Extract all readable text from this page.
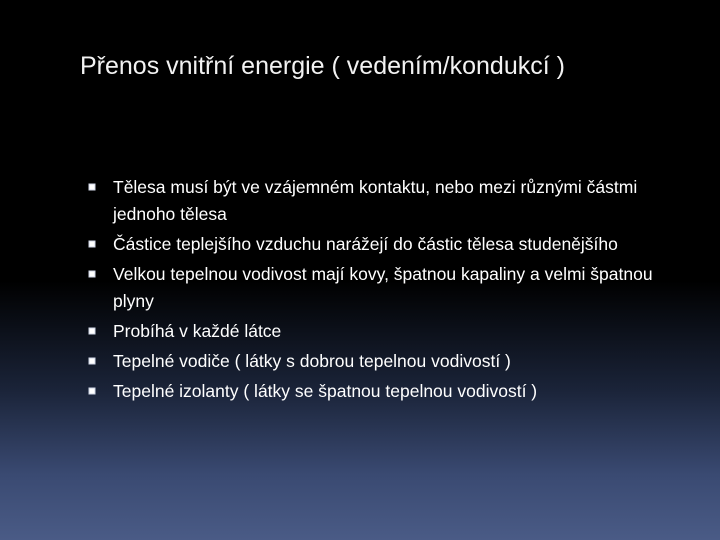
Přenos vnitřní energie ( vedením/kondukcí )
Tělesa musí být ve vzájemném kontaktu, nebo mezi různými částmi jednoho tělesa
Částice teplejšího vzduchu narážejí do částic tělesa studenějšího
Velkou tepelnou vodivost mají kovy, špatnou kapaliny a velmi špatnou plyny
Probíhá v každé látce
Tepelné vodiče ( látky s dobrou tepelnou vodivostí )
Tepelné izolanty ( látky se špatnou tepelnou vodivostí )
